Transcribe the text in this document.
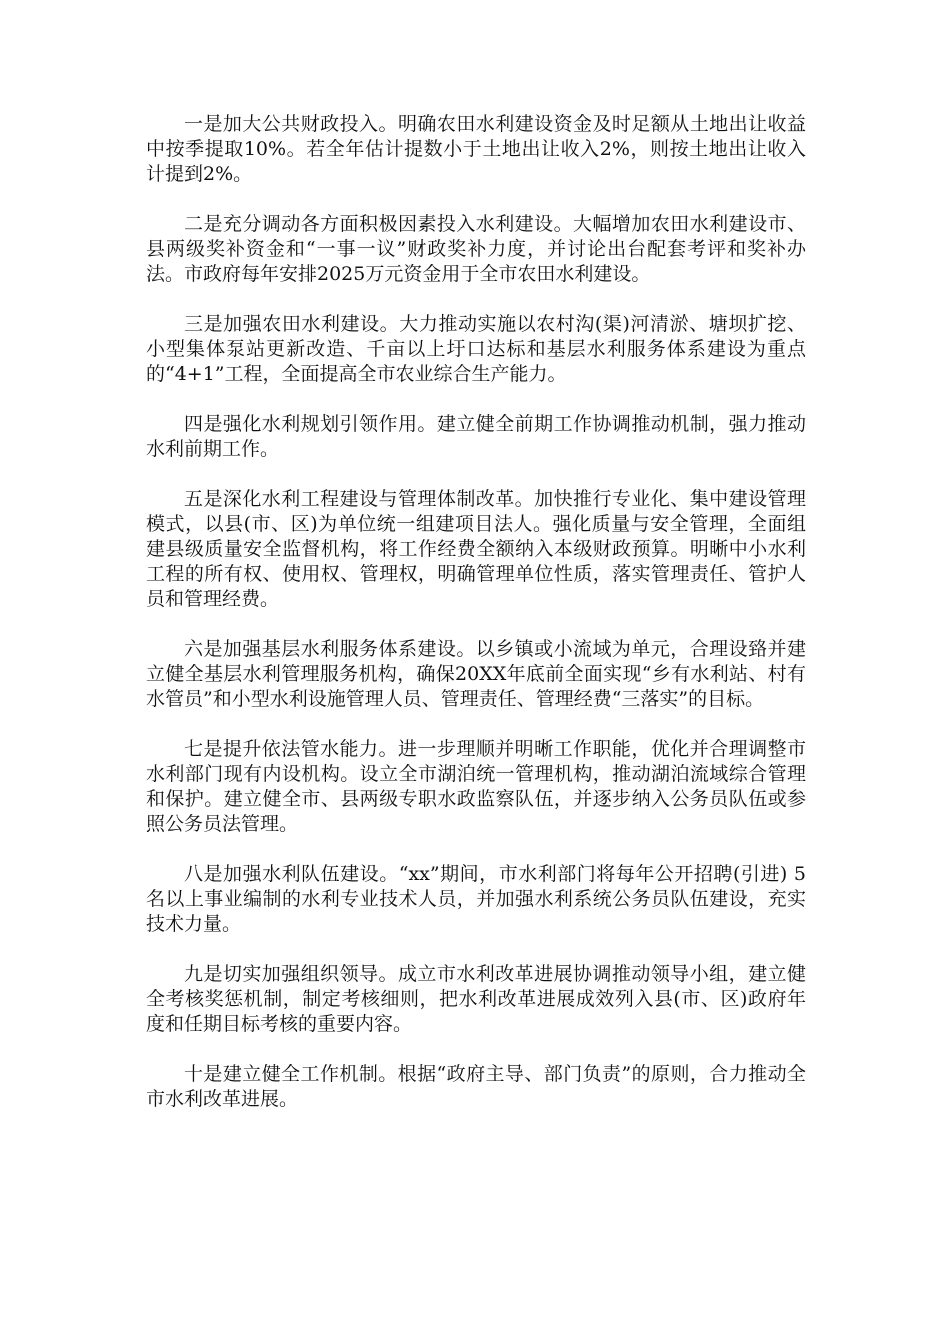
一是加大公共财政投入。明确农田水利建设资金及时足额从土地出让收益中按季提取10%。若全年估计提数小于土地出让收入2%，则按土地出让收入计提到2%。

二是充分调动各方面积极因素投入水利建设。大幅增加农田水利建设市、县两级奖补资金和“一事一议”财政奖补力度，并讨论出台配套考评和奖补办法。市政府每年安排2025万元资金用于全市农田水利建设。

三是加强农田水利建设。大力推动实施以农村沟(渠)河清淤、塘坝扩挖、小型集体泵站更新改造、千亩以上圩口达标和基层水利服务体系建设为重点的“4+1”工程，全面提高全市农业综合生产能力。

四是强化水利规划引领作用。建立健全前期工作协调推动机制，强力推动水利前期工作。

五是深化水利工程建设与管理体制改革。加快推行专业化、集中建设管理模式，以县(市、区)为单位统一组建项目法人。强化质量与安全管理，全面组建县级质量安全监督机构，将工作经费全额纳入本级财政预算。明晰中小水利工程的所有权、使用权、管理权，明确管理单位性质，落实管理责任、管护人员和管理经费。

六是加强基层水利服务体系建设。以乡镇或小流域为单元，合理设臵并建立健全基层水利管理服务机构，确保20XX年底前全面实现“乡有水利站、村有水管员”和小型水利设施管理人员、管理责任、管理经费“三落实”的目标。

七是提升依法管水能力。进一步理顺并明晰工作职能，优化并合理调整市水利部门现有内设机构。设立全市湖泊统一管理机构，推动湖泊流域综合管理和保护。建立健全市、县两级专职水政监察队伍，并逐步纳入公务员队伍或参照公务员法管理。

八是加强水利队伍建设。“xx”期间，市水利部门将每年公开招聘(引进) 5名以上事业编制的水利专业技术人员，并加强水利系统公务员队伍建设，充实技术力量。

九是切实加强组织领导。成立市水利改革进展协调推动领导小组，建立健全考核奖惩机制，制定考核细则，把水利改革进展成效列入县(市、区)政府年度和任期目标考核的重要内容。

十是建立健全工作机制。根据“政府主导、部门负责”的原则，合力推动全市水利改革进展。
